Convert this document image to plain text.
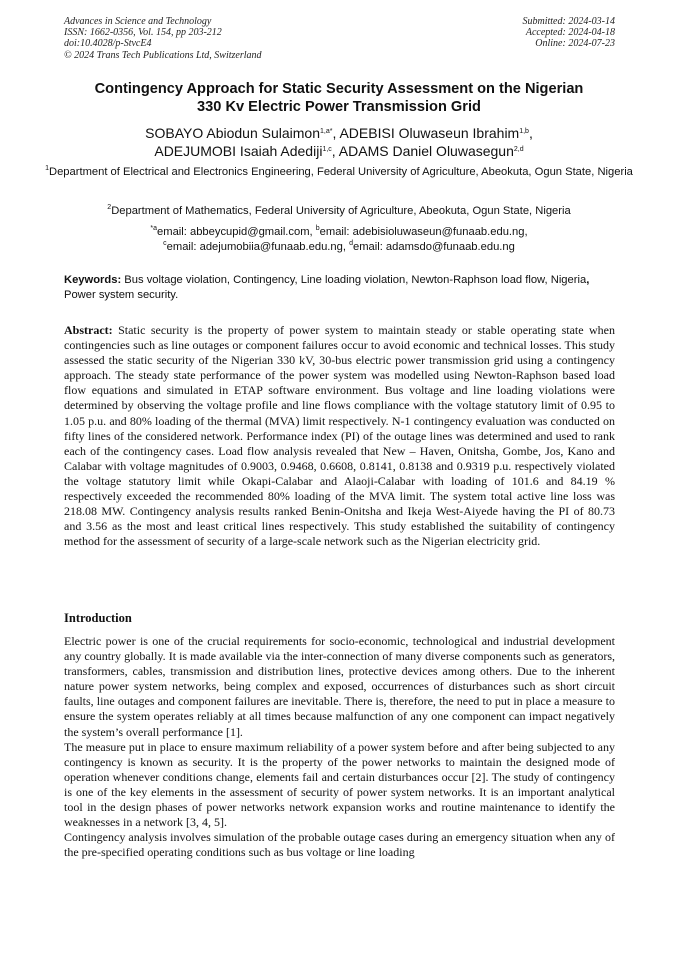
Advances in Science and Technology
ISSN: 1662-0356, Vol. 154, pp 203-212
doi:10.4028/p-StvcE4
© 2024 Trans Tech Publications Ltd, Switzerland
Submitted: 2024-03-14
Accepted: 2024-04-18
Online: 2024-07-23
Contingency Approach for Static Security Assessment on the Nigerian
330 Kv Electric Power Transmission Grid
SOBAYO Abiodun Sulaimon$^{1,a*}$, ADEBISI Oluwaseun Ibrahim$^{1,b}$,
ADEJUMOBI Isaiah Adediji$^{1,c}$, ADAMS Daniel Oluwasegun$^{2,d}$
$^1$Department of Electrical and Electronics Engineering, Federal University of Agriculture, Abeokuta, Ogun State, Nigeria
$^2$Department of Mathematics, Federal University of Agriculture, Abeokuta, Ogun State, Nigeria
$^{*a}$email: abbeycupid@gmail.com, $^b$email: adebisioluwaseun@funaab.edu.ng,
$^c$email: adejumobiia@funaab.edu.ng, $^d$email: adamsdo@funaab.edu.ng
Keywords: Bus voltage violation, Contingency, Line loading violation, Newton-Raphson load flow, Nigeria, Power system security.
Abstract: Static security is the property of power system to maintain steady or stable operating state when contingencies such as line outages or component failures occur to avoid economic and technical losses. This study assessed the static security of the Nigerian 330 kV, 30-bus electric power transmission grid using a contingency approach. The steady state performance of the power system was modelled using Newton-Raphson based load flow equations and simulated in ETAP software environment. Bus voltage and line loading violations were determined by observing the voltage profile and line flows compliance with the voltage statutory limit of 0.95 to 1.05 p.u. and 80% loading of the thermal (MVA) limit respectively. N-1 contingency evaluation was conducted on fifty lines of the considered network. Performance index (PI) of the outage lines was determined and used to rank each of the contingency cases. Load flow analysis revealed that New – Haven, Onitsha, Gombe, Jos, Kano and Calabar with voltage magnitudes of 0.9003, 0.9468, 0.6608, 0.8141, 0.8138 and 0.9319 p.u. respectively violated the voltage statutory limit while Okapi-Calabar and Alaoji-Calabar with loading of 101.6 and 84.19 % respectively exceeded the recommended 80% loading of the MVA limit. The system total active line loss was 218.08 MW. Contingency analysis results ranked Benin-Onitsha and Ikeja West-Aiyede having the PI of 80.73 and 3.56 as the most and least critical lines respectively. This study established the suitability of contingency method for the assessment of security of a large-scale network such as the Nigerian electricity grid.
Introduction

Electric power is one of the crucial requirements for socio-economic, technological and industrial development any country globally. It is made available via the inter-connection of many diverse components such as generators, transformers, cables, transmission and distribution lines, protective devices among others. Due to the inherent nature power system networks, being complex and exposed, occurrences of disturbances such as short circuit faults, line outages and component failures are inevitable. There is, therefore, the need to put in place a measure to ensure the system operates reliably at all times because malfunction of any one component can impact negatively the system’s overall performance [1].

The measure put in place to ensure maximum reliability of a power system before and after being subjected to any contingency is known as security. It is the property of the power networks to maintain the designed mode of operation whenever conditions change, elements fail and certain disturbances occur [2]. The study of contingency is one of the key elements in the assessment of security of power system networks. It is an important analytical tool in the design phases of power networks network expansion works and routine maintenance to identify the weaknesses in a network [3, 4, 5].

Contingency analysis involves simulation of the probable outage cases during an emergency situation when any of the pre-specified operating conditions such as bus voltage or line loading
